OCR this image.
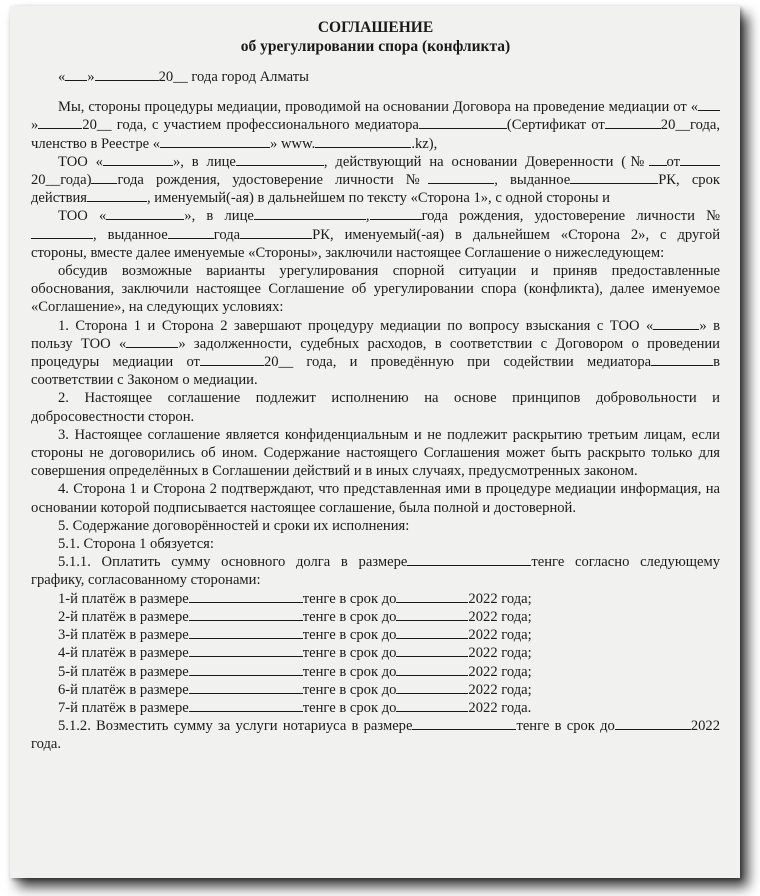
СОГЛАШЕНИЕ
об урегулировании спора (конфликта)
« »	20__ года город Алматы

Мы, стороны процедуры медиации, проводимой на основании Договора на проведение медиации от «»	20__ года, с участием профессионального медиатора	(Сертификат от	20__года, членство в Реестре «	» www.	.kz),

ТОО «	», в лице	, действующий на основании Доверенности (№ от20__года) года рождения, удостоверение личности №	, выданное	РК, срок действия	, именуемый(-ая) в дальнейшем по тексту «Сторона 1», с одной стороны и

ТОО «	», в лице	,	года рождения, удостоверение личности №, выданное	года	РК, именуемый(-ая) в дальнейшем «Сторона 2», с другой стороны, вместе далее именуемые «Стороны», заключили настоящее Соглашение о нижеследующем:

обсудив возможные варианты урегулирования спорной ситуации и приняв предоставленные обоснования, заключили настоящее Соглашение об урегулировании спора (конфликта), далее именуемое «Соглашение», на следующих условиях:

1. Сторона 1 и Сторона 2 завершают процедуру медиации по вопросу взыскания с ТОО «	» в пользу ТОО «	» задолженности, судебных расходов, в соответствии с Договором о проведении процедуры медиации от	20__ года, и проведённую при содействии медиатора	в соответствии с Законом о медиации.

2. Настоящее соглашение подлежит исполнению на основе принципов добровольности и добросовестности сторон.

3. Настоящее соглашение является конфиденциальным и не подлежит раскрытию третьим лицам, если стороны не договорились об ином. Содержание настоящего Соглашения может быть раскрыто только для совершения определённых в Соглашении действий и в иных случаях, предусмотренных законом.

4. Сторона 1 и Сторона 2 подтверждают, что представленная ими в процедуре медиации информация, на основании которой подписывается настоящее соглашение, была полной и достоверной.

5. Содержание договорённостей и сроки их исполнения:

5.1. Сторона 1 обязуется:

5.1.1. Оплатить сумму основного долга в размере	тенге согласно следующему графику, согласованному сторонами:

1-й платёж в размере	тенге в срок до	2022 года;
2-й платёж в размере	тенге в срок до	2022 года;
3-й платёж в размере	тенге в срок до	2022 года;
4-й платёж в размере	тенге в срок до	2022 года;
5-й платёж в размере	тенге в срок до	2022 года;
6-й платёж в размере	тенге в срок до	2022 года;
7-й платёж в размере	тенге в срок до	2022 года.

5.1.2. Возместить сумму за услуги нотариуса в размере	тенге в срок до	2022 года.
